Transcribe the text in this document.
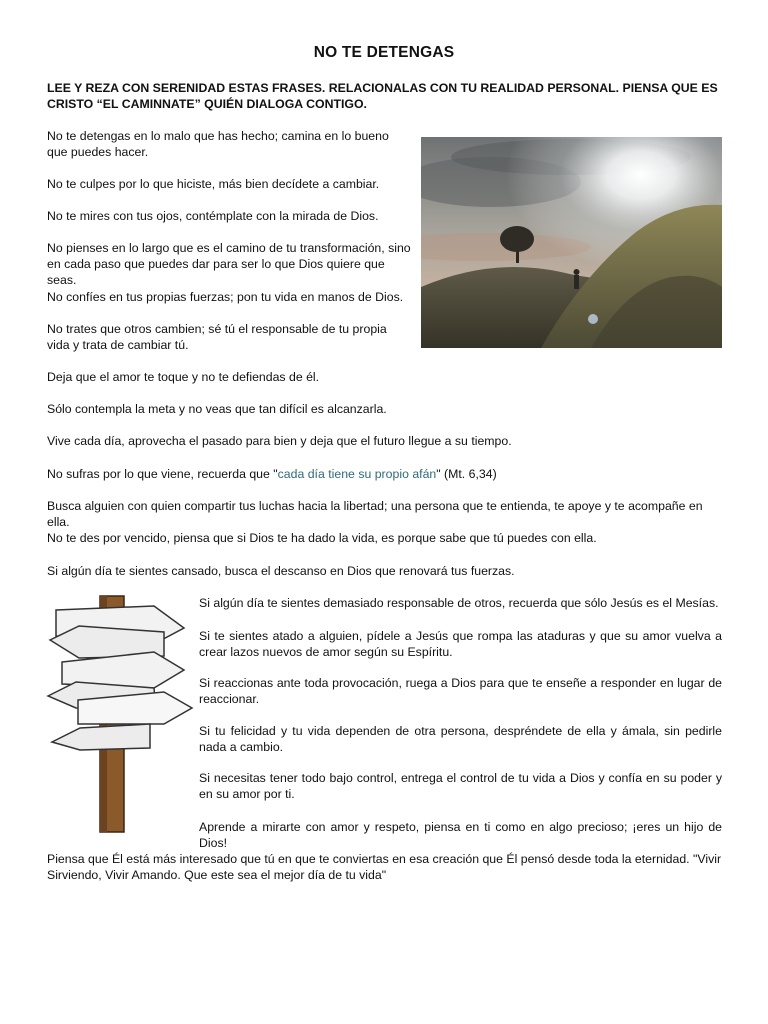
NO TE DETENGAS
LEE Y REZA CON SERENIDAD ESTAS FRASES. RELACIONALAS CON TU REALIDAD PERSONAL. PIENSA QUE ES CRISTO “EL CAMINNATE” QUIÉN DIALOGA CONTIGO.

No te detengas en lo malo que has hecho; camina en lo bueno que puedes hacer.

No te culpes por lo que hiciste, más bien decídete a cambiar.

No te mires con tus ojos, contémplate con la mirada de Dios.

No pienses en lo largo que es el camino de tu transformación, sino en cada paso que puedes dar para ser lo que Dios quiere que seas.

No confíes en tus propias fuerzas; pon tu vida en manos de Dios.

No trates que otros cambien; sé tú el responsable de tu propia vida y trata de cambiar tú.

Deja que el amor te toque y no te defiendas de él.

Sólo contempla la meta y no veas que tan difícil es alcanzarla.

Vive cada día, aprovecha el pasado para bien y deja que el futuro llegue a su tiempo.

No sufras por lo que viene, recuerda que "cada día tiene su propio afán" (Mt. 6,34)

Busca alguien con quien compartir tus luchas hacia la libertad; una persona que te entienda, te apoye y te acompañe en ella.

No te des por vencido, piensa que si Dios te ha dado la vida, es porque sabe que tú puedes con ella.

Si algún día te sientes cansado, busca el descanso en Dios que renovará tus fuerzas.

Si algún día te sientes demasiado responsable de otros, recuerda que sólo Jesús es el Mesías.

Si te sientes atado a alguien, pídele a Jesús que rompa las ataduras y que su amor vuelva a crear lazos nuevos de amor según su Espíritu.

Si reaccionas ante toda provocación, ruega a Dios para que te enseñe a responder en lugar de reaccionar.

Si tu felicidad y tu vida dependen de otra persona, despréndete de ella y ámala, sin pedirle nada a cambio.

Si necesitas tener todo bajo control, entrega el control de tu vida a Dios y confía en su poder y en su amor por ti.

Aprende a mirarte con amor y respeto, piensa en ti como en algo precioso; ¡eres un hijo de Dios!

Piensa que Él está más interesado que tú en que te conviertas en esa creación que Él pensó desde toda la eternidad. "Vivir Sirviendo, Vivir Amando. Que este sea el mejor día de tu vida"
